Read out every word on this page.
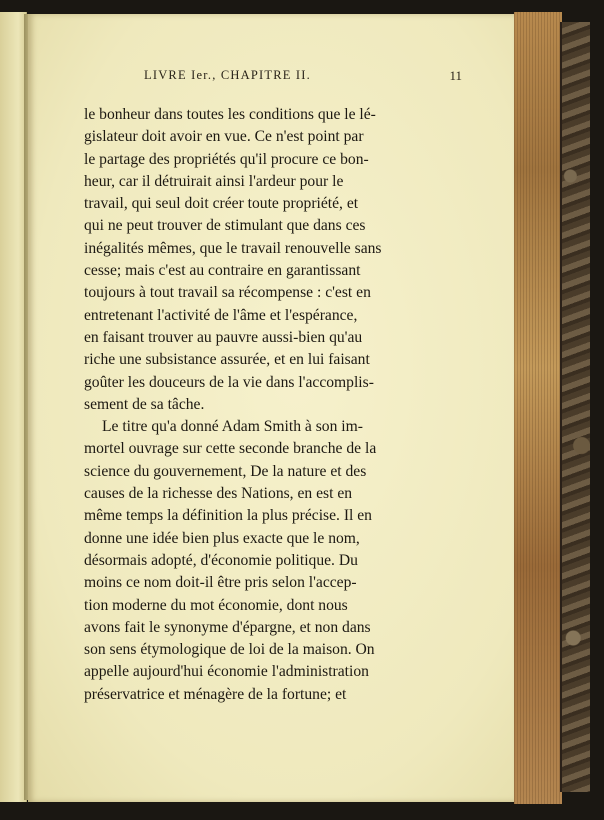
LIVRE Ier., CHAPITRE II.	11

le bonheur dans toutes les conditions que le lé-
gislateur doit avoir en vue. Ce n'est point par
le partage des propriétés qu'il procure ce bon-
heur, car il détruirait ainsi l'ardeur pour le
travail, qui seul doit créer toute propriété, et
qui ne peut trouver de stimulant que dans ces
inégalités mêmes, que le travail renouvelle sans
cesse; mais c'est au contraire en garantissant
toujours à tout travail sa récompense : c'est en
entretenant l'activité de l'âme et l'espérance,
en faisant trouver au pauvre aussi-bien qu'au
riche une subsistance assurée, et en lui faisant
goûter les douceurs de la vie dans l'accomplis-
sement de sa tâche.

Le titre qu'a donné Adam Smith à son im-
mortel ouvrage sur cette seconde branche de la
science du gouvernement, De la nature et des
causes de la richesse des Nations, en est en
même temps la définition la plus précise. Il en
donne une idée bien plus exacte que le nom,
désormais adopté, d'économie politique. Du
moins ce nom doit-il être pris selon l'accep-
tion moderne du mot économie, dont nous
avons fait le synonyme d'épargne, et non dans
son sens étymologique de loi de la maison. On
appelle aujourd'hui économie l'administration
préservatrice et ménagère de la fortune; et
